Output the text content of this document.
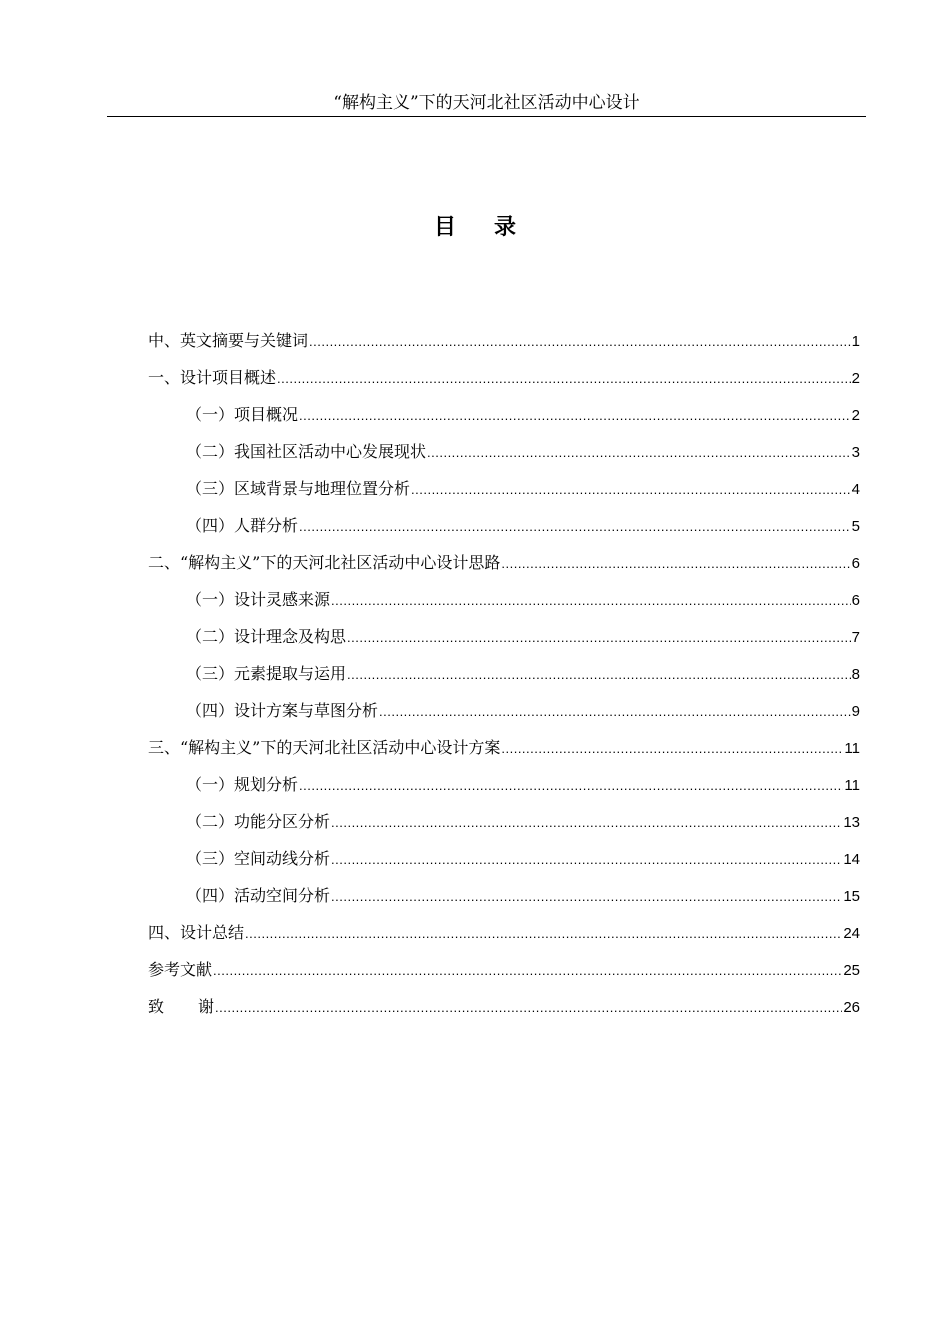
“解构主义”下的天河北社区活动中心设计
目录
中、英文摘要与关键词 .....	1
一、设计项目概述 .....	2
（一）项目概况 .....	2
（二）我国社区活动中心发展现状 .....	3
（三）区域背景与地理位置分析 .....	4
（四）人群分析 .....	5
二、“解构主义”下的天河北社区活动中心设计思路 .....	6
（一）设计灵感来源 .....	6
（二）设计理念及构思 .....	7
（三）元素提取与运用 .....	8
（四）设计方案与草图分析 .....	9
三、“解构主义”下的天河北社区活动中心设计方案 .....	11
（一）规划分析 .....	11
（二）功能分区分析 .....	13
（三）空间动线分析 .....	14
（四）活动空间分析 .....	15
四、设计总结 .....	24
参考文献 .....	25
致谢 .....	26
